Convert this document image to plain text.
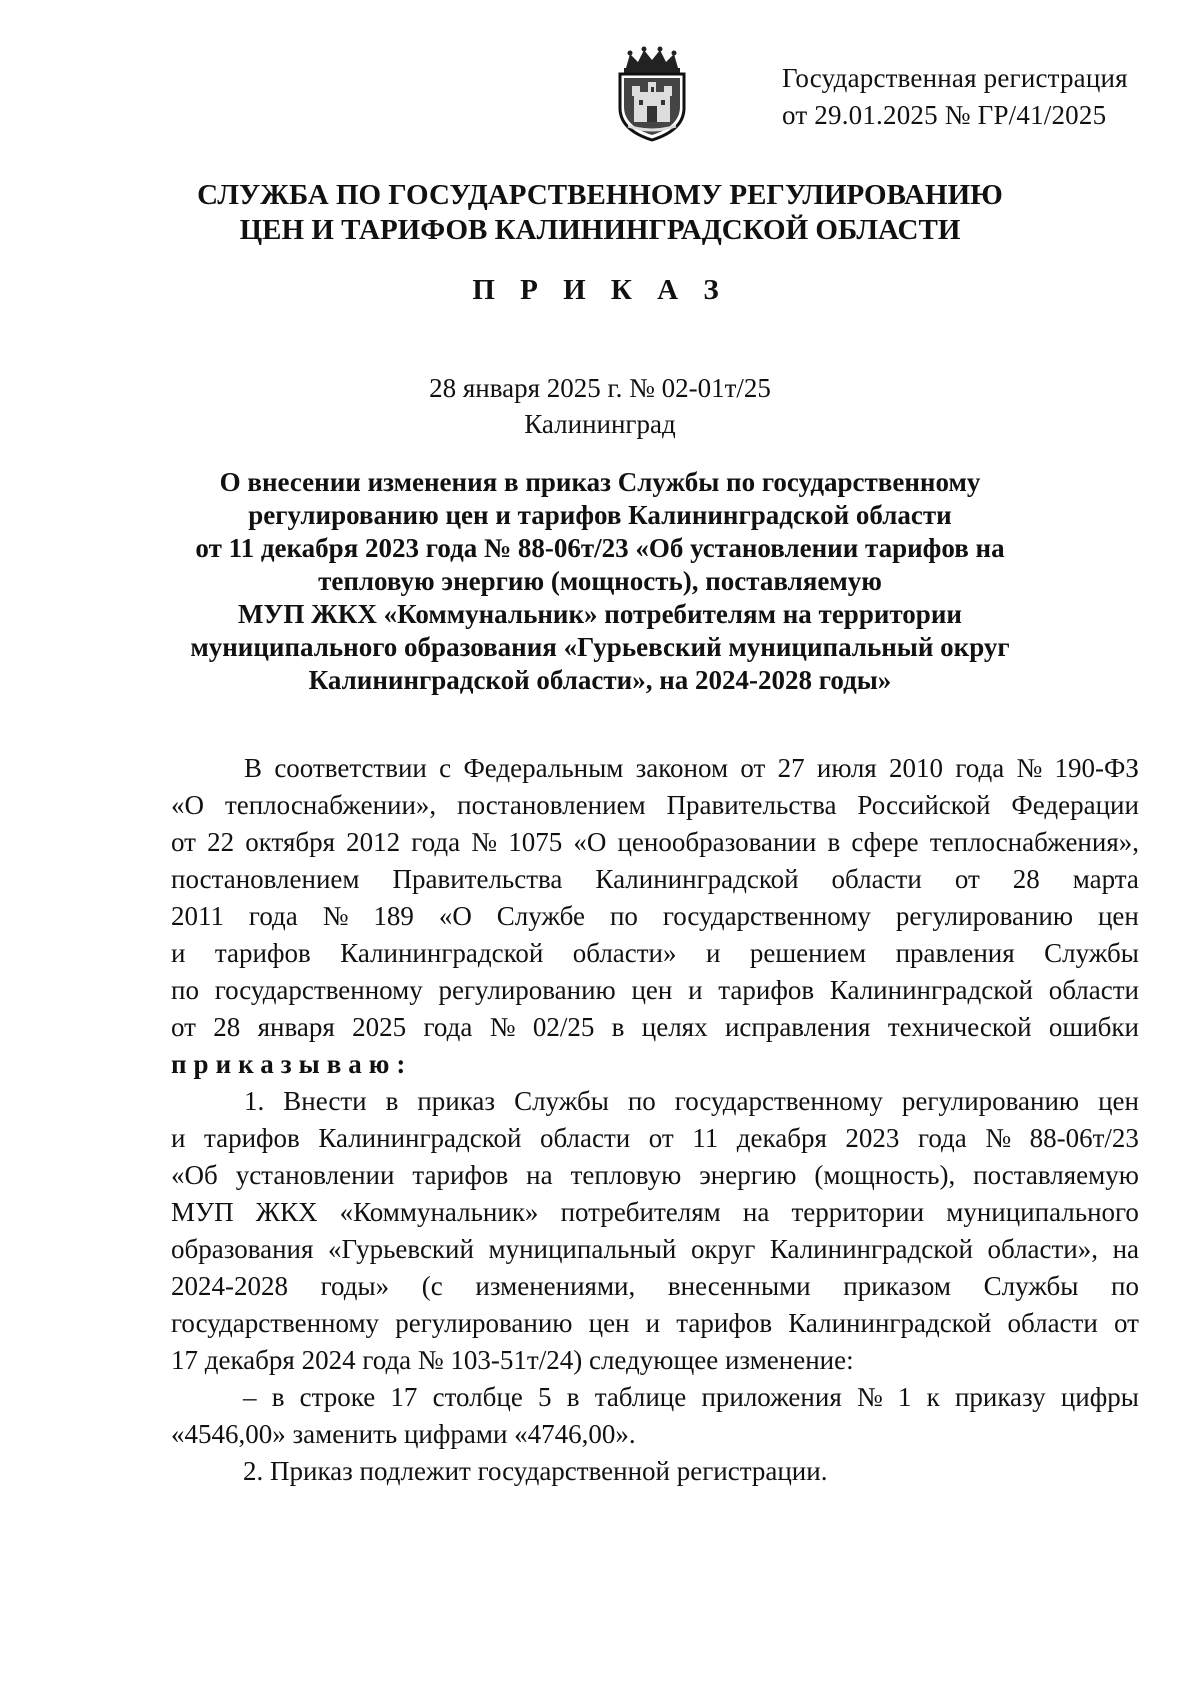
Государственная регистрация
от 29.01.2025 № ГР/41/2025
СЛУЖБА ПО ГОСУДАРСТВЕННОМУ РЕГУЛИРОВАНИЮ
ЦЕН И ТАРИФОВ КАЛИНИНГРАДСКОЙ ОБЛАСТИ
П Р И К А З
28 января 2025 г. № 02-01т/25
Калининград
О внесении изменения в приказ Службы по государственному
регулированию цен и тарифов Калининградской области
от 11 декабря 2023 года № 88-06т/23 «Об установлении тарифов на
тепловую энергию (мощность), поставляемую
МУП ЖКХ «Коммунальник» потребителям на территории
муниципального образования «Гурьевский муниципальный округ
Калининградской области», на 2024-2028 годы»
В соответствии с Федеральным законом от 27 июля 2010 года № 190-ФЗ
«О теплоснабжении», постановлением Правительства Российской Федерации
от 22 октября 2012 года № 1075 «О ценообразовании в сфере теплоснабжения»,
постановлением Правительства Калининградской области от 28 марта
2011 года № 189 «О Службе по государственному регулированию цен
и тарифов Калининградской области» и решением правления Службы
по государственному регулированию цен и тарифов Калининградской области
от 28 января 2025 года № 02/25 в целях исправления технической ошибки
приказываю:
1. Внести в приказ Службы по государственному регулированию цен
и тарифов Калининградской области от 11 декабря 2023 года № 88-06т/23
«Об установлении тарифов на тепловую энергию (мощность), поставляемую
МУП ЖКХ «Коммунальник» потребителям на территории муниципального
образования «Гурьевский муниципальный округ Калининградской области», на
2024-2028 годы» (с изменениями, внесенными приказом Службы по
государственному регулированию цен и тарифов Калининградской области от
17 декабря 2024 года № 103-51т/24) следующее изменение:
– в строке 17 столбце 5 в таблице приложения № 1 к приказу цифры
«4546,00» заменить цифрами «4746,00».
2. Приказ подлежит государственной регистрации.
